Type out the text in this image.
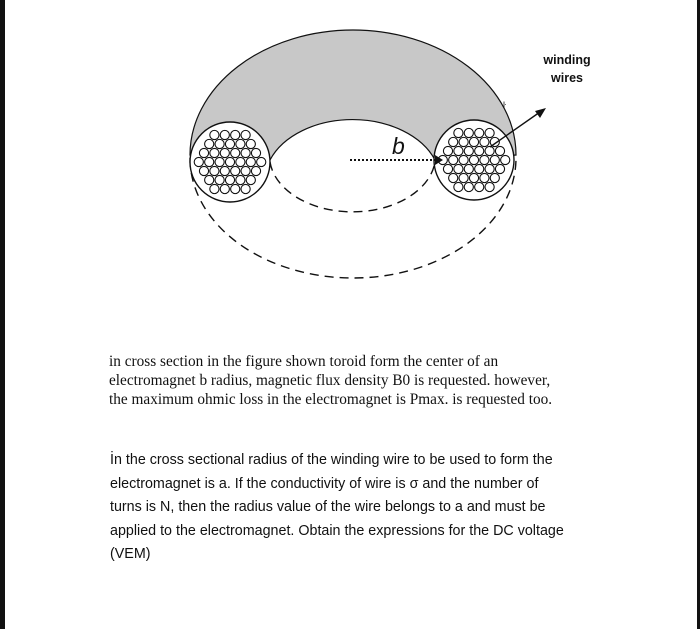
winding
wires
b
ŀ
in cross section in the figure shown toroid form the center of an
electromagnet b radius, magnetic flux density B0 is requested. however,
the maximum ohmic loss in the electromagnet is Pmax. is requested too.
İn the cross sectional radius of the winding wire to be used to form the
electromagnet is a. If the conductivity of wire is σ and the number of
turns is N, then the radius value of the wire belongs to a and must be
applied to the electromagnet. Obtain the expressions for the DC voltage
(VEM)
